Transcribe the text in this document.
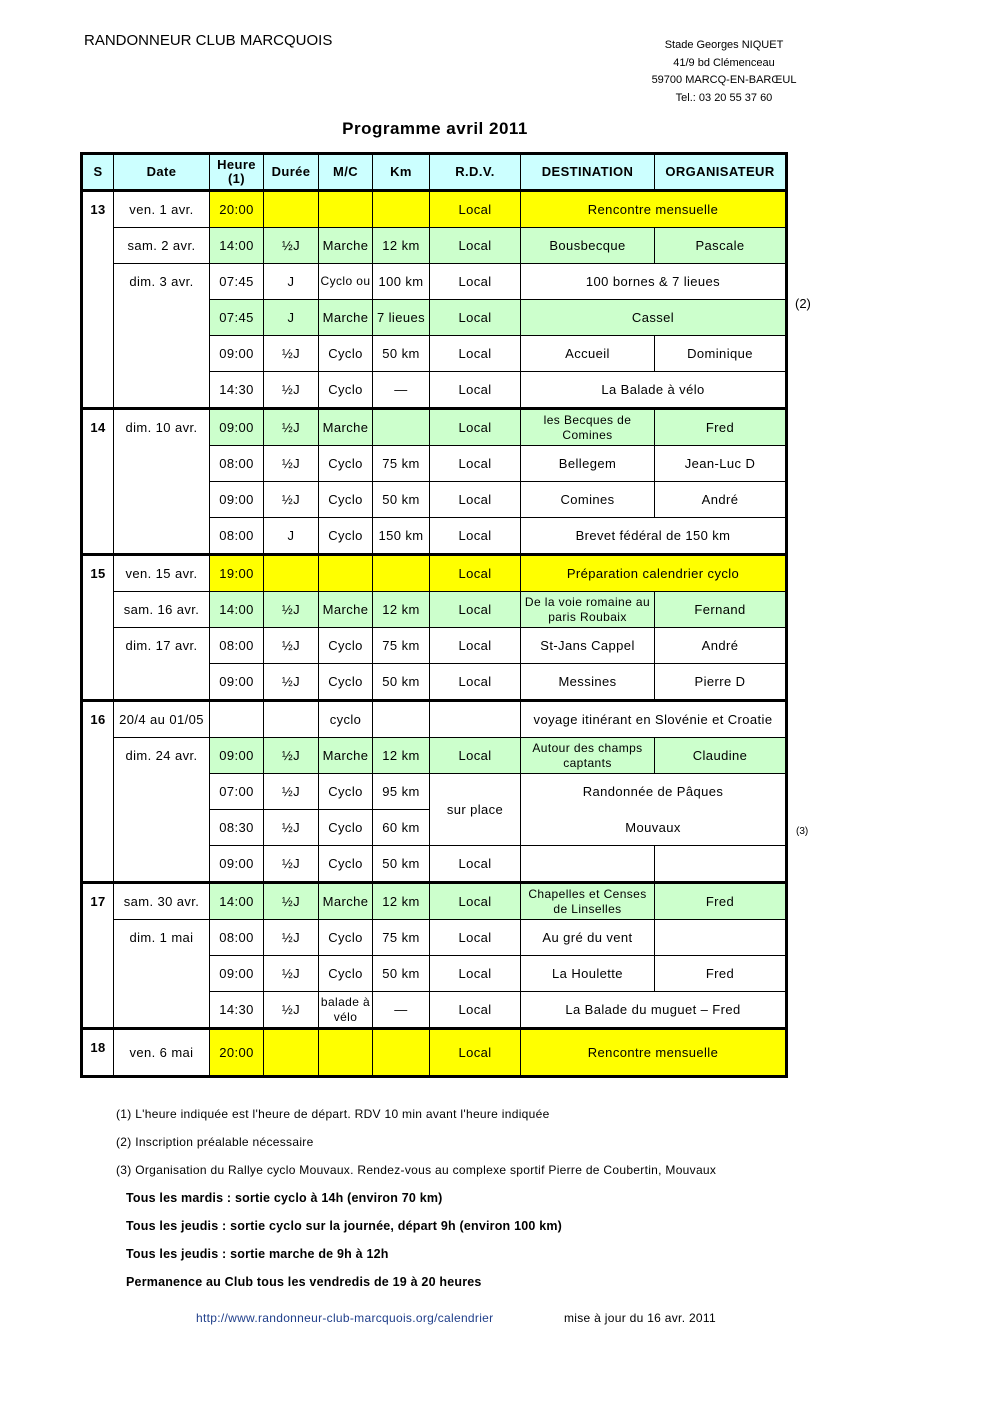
RANDONNEUR CLUB MARCQUOIS	Stade Georges NIQUET
41/9 bd Clémenceau
59700 MARCQ-EN-BARŒUL
Tel.: 03 20 55 37 60
Programme avril 2011
S	Date	Heure (1)	Durée	M/C	Km	R.D.V.	DESTINATION	ORGANISATEUR
13	ven. 1 avr.	20:00				Local	Rencontre mensuelle	
	sam. 2 avr.	14:00	½J	Marche	12 km	Local	Bousbecque	Pascale
	dim. 3 avr.	07:45	J	Cyclo ou	100 km	Local	100 bornes & 7 lieues	
		07:45	J	Marche	7 lieues	Local	Cassel	
		09:00	½J	Cyclo	50 km	Local	Accueil	Dominique
		14:30	½J	Cyclo	—	Local	La Balade à vélo	
14	dim. 10 avr.	09:00	½J	Marche		Local	les Becques de Comines	Fred
		08:00	½J	Cyclo	75 km	Local	Bellegem	Jean-Luc D
		09:00	½J	Cyclo	50 km	Local	Comines	André
		08:00	J	Cyclo	150 km	Local	Brevet fédéral de 150 km	
15	ven. 15 avr.	19:00				Local	Préparation calendrier cyclo	
	sam. 16 avr.	14:00	½J	Marche	12 km	Local	De la voie romaine au paris Roubaix	Fernand
	dim. 17 avr.	08:00	½J	Cyclo	75 km	Local	St-Jans Cappel	André
		09:00	½J	Cyclo	50 km	Local	Messines	Pierre D
16	20/4 au 01/05			cyclo			voyage itinérant en Slovénie et Croatie	
	dim. 24 avr.	09:00	½J	Marche	12 km	Local	Autour des champs captants	Claudine
		07:00	½J	Cyclo	95 km	sur place	Randonnée de Pâques	
		08:30	½J	Cyclo	60 km		Mouvaux	
		09:00	½J	Cyclo	50 km	Local		
17	sam. 30 avr.	14:00	½J	Marche	12 km	Local	Chapelles et Censes de Linselles	Fred
	dim. 1 mai	08:00	½J	Cyclo	75 km	Local	Au gré du vent	
		09:00	½J	Cyclo	50 km	Local	La Houlette	Fred
		14:30	½J	balade à vélo	—	Local	La Balade du muguet – Fred	
18	ven. 6 mai	20:00				Local	Rencontre mensuelle	
(2)
(3)
(1) L'heure indiquée est l'heure de départ. RDV 10 min avant l'heure indiquée
(2) Inscription préalable nécessaire
(3) Organisation du Rallye cyclo Mouvaux. Rendez-vous au complexe sportif Pierre de Coubertin, Mouvaux
Tous les mardis : sortie cyclo à 14h (environ 70 km)
Tous les jeudis : sortie cyclo sur la journée, départ 9h (environ 100 km)
Tous les jeudis : sortie marche de 9h à 12h
Permanence au Club tous les vendredis de 19 à 20 heures
http://www.randonneur-club-marcquois.org/calendrier	mise à jour du 16 avr. 2011
